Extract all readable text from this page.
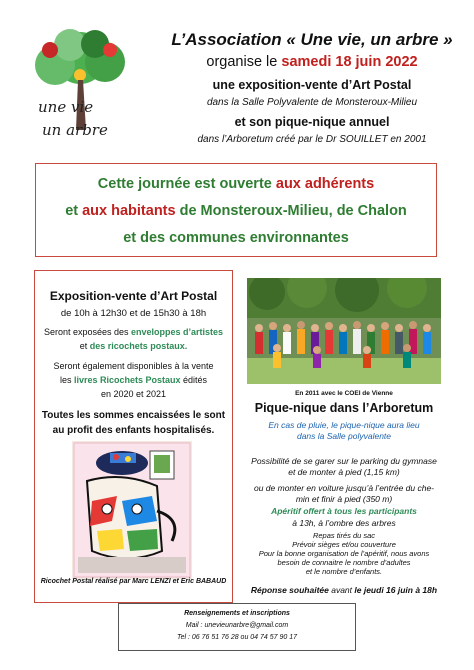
une vie
un arbre
L’Association « Une vie, un arbre »
organise le samedi 18 juin 2022
une exposition-vente d’Art Postal
dans la Salle Polyvalente de Monsteroux-Milieu
et son pique-nique annuel
dans l’Arboretum créé par le Dr SOUILLET en 2001
Cette journée est ouverte aux adhérents
et aux habitants de Monsteroux-Milieu, de Chalon
et des communes environnantes
Exposition-vente d’Art Postal
de 10h à 12h30 et de 15h30 à 18h
Seront exposées des enveloppes d’artistes
et des ricochets postaux.
Seront également disponibles à la vente
les livres Ricochets Postaux édités
en 2020 et 2021
Toutes les sommes encaissées le sont
au profit des enfants hospitalisés.
Ricochet Postal réalisé par Marc LENZI et Eric BABAUD
En 2011 avec le COEI de Vienne
Pique-nique dans l’Arboretum
En cas de pluie, le pique-nique aura lieu
dans la Salle polyvalente
Possibilité de se garer sur le parking du gymnase
et de monter à pied (1,15 km)
ou de monter en voiture jusqu’à l’entrée du che-
min et finir à pied (350 m)
Apéritif offert à tous les participants
à 13h, à l’ombre des arbres
Repas tirés du sac
Prévoir sièges et/ou couverture
Pour la bonne organisation de l’apéritif, nous avons
besoin de connaitre le nombre d’adultes
et le nombre d’enfants.
Réponse souhaitée avant le jeudi 16 juin à 18h
Renseignements et inscriptions
Mail : unevieunarbre@gmail.com
Tel : 06 76 51 76 28 ou 04 74 57 90 17
